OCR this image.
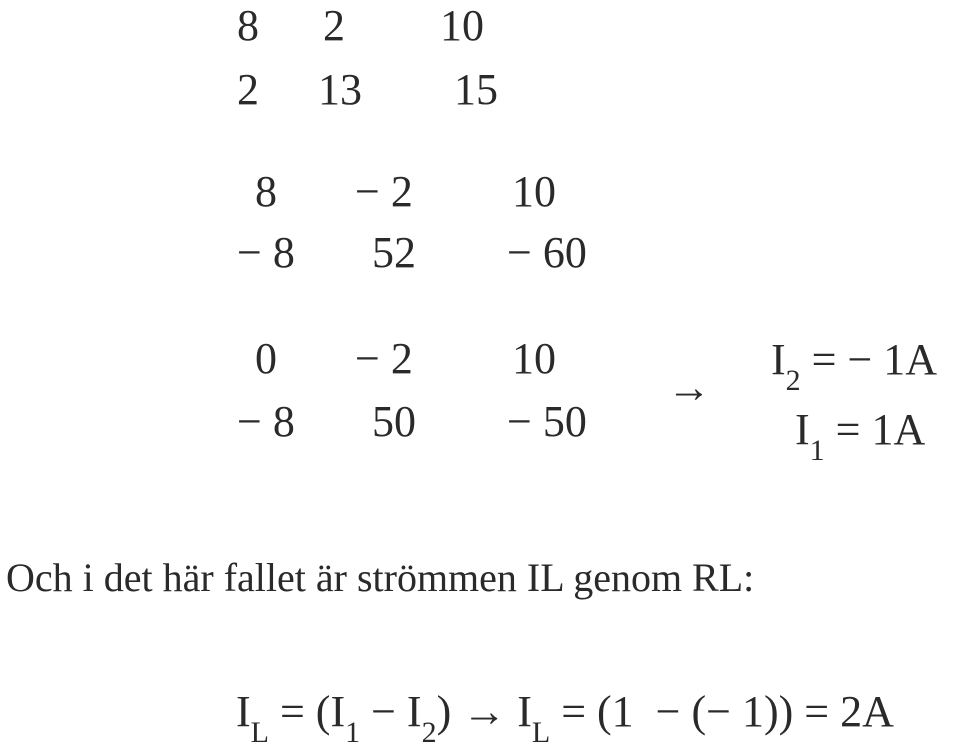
8 2 10
2 13 15
8 − 2 10
− 8 52 − 60
0 − 2 10
− 8 50 − 50
→
$I_2$ = − 1A
$I_1 = 1A$
Och i det här fallet är strömmen IL genom RL:
$I_L = (I_1 - I_2) \to I_L = (1$  − (− 1)) = 2A
